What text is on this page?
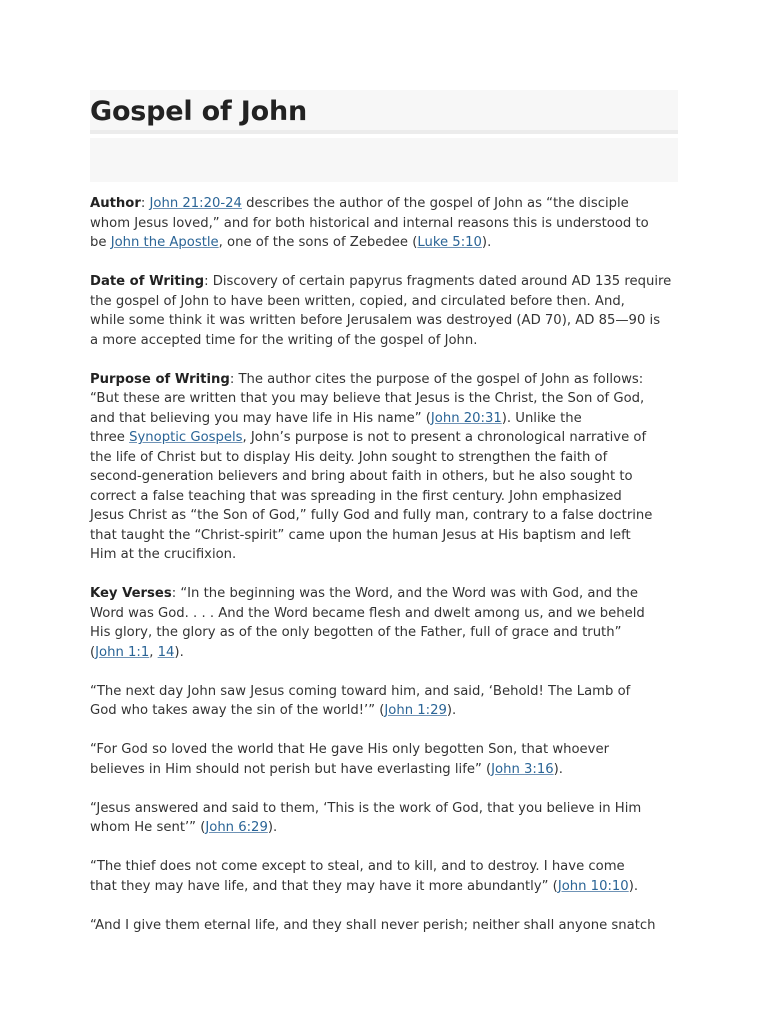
Gospel of John

Author: John 21:20-24 describes the author of the gospel of John as “the disciple
whom Jesus loved,” and for both historical and internal reasons this is understood to
be John the Apostle, one of the sons of Zebedee (Luke 5:10).

Date of Writing: Discovery of certain papyrus fragments dated around AD 135 require
the gospel of John to have been written, copied, and circulated before then. And,
while some think it was written before Jerusalem was destroyed (AD 70), AD 85—90 is
a more accepted time for the writing of the gospel of John.

Purpose of Writing: The author cites the purpose of the gospel of John as follows:
“But these are written that you may believe that Jesus is the Christ, the Son of God,
and that believing you may have life in His name” (John 20:31). Unlike the
three Synoptic Gospels, John’s purpose is not to present a chronological narrative of
the life of Christ but to display His deity. John sought to strengthen the faith of
second-generation believers and bring about faith in others, but he also sought to
correct a false teaching that was spreading in the first century. John emphasized
Jesus Christ as “the Son of God,” fully God and fully man, contrary to a false doctrine
that taught the “Christ-spirit” came upon the human Jesus at His baptism and left
Him at the crucifixion.

Key Verses: “In the beginning was the Word, and the Word was with God, and the
Word was God. . . . And the Word became flesh and dwelt among us, and we beheld
His glory, the glory as of the only begotten of the Father, full of grace and truth”
(John 1:1, 14).

“The next day John saw Jesus coming toward him, and said, ‘Behold! The Lamb of
God who takes away the sin of the world!’” (John 1:29).

“For God so loved the world that He gave His only begotten Son, that whoever
believes in Him should not perish but have everlasting life” (John 3:16).

“Jesus answered and said to them, ‘This is the work of God, that you believe in Him
whom He sent’” (John 6:29).

“The thief does not come except to steal, and to kill, and to destroy. I have come
that they may have life, and that they may have it more abundantly” (John 10:10).

“And I give them eternal life, and they shall never perish; neither shall anyone snatch
